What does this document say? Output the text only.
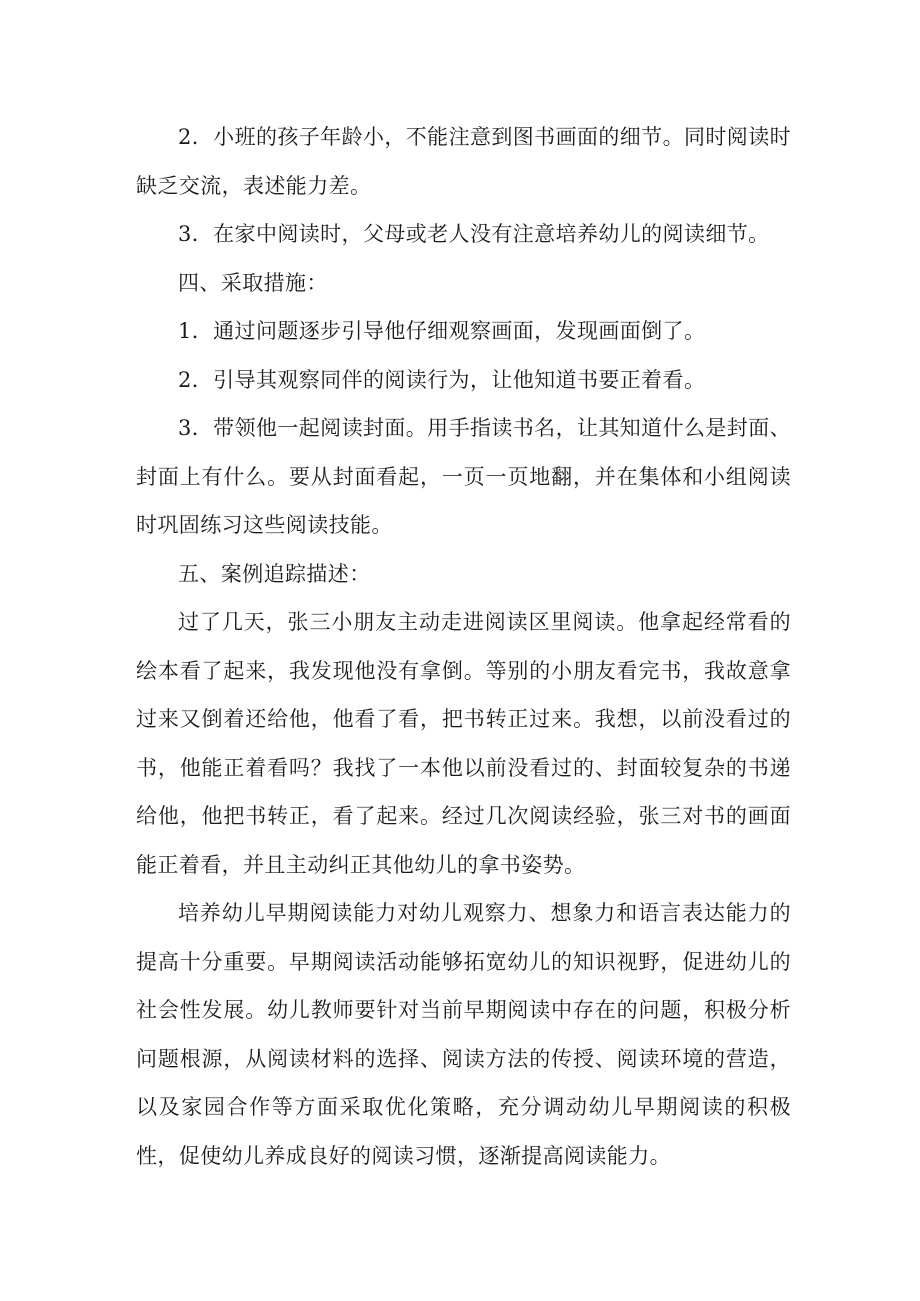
2．小班的孩子年龄小，不能注意到图书画面的细节。同时阅读时缺乏交流，表述能力差。

3．在家中阅读时，父母或老人没有注意培养幼儿的阅读细节。

四、采取措施：

1．通过问题逐步引导他仔细观察画面，发现画面倒了。

2．引导其观察同伴的阅读行为，让他知道书要正着看。

3．带领他一起阅读封面。用手指读书名，让其知道什么是封面、封面上有什么。要从封面看起，一页一页地翻，并在集体和小组阅读时巩固练习这些阅读技能。

五、案例追踪描述：

过了几天，张三小朋友主动走进阅读区里阅读。他拿起经常看的绘本看了起来，我发现他没有拿倒。等别的小朋友看完书，我故意拿过来又倒着还给他，他看了看，把书转正过来。我想，以前没看过的书，他能正着看吗？我找了一本他以前没看过的、封面较复杂的书递给他，他把书转正，看了起来。经过几次阅读经验，张三对书的画面能正着看，并且主动纠正其他幼儿的拿书姿势。

培养幼儿早期阅读能力对幼儿观察力、想象力和语言表达能力的提高十分重要。早期阅读活动能够拓宽幼儿的知识视野，促进幼儿的社会性发展。幼儿教师要针对当前早期阅读中存在的问题，积极分析问题根源，从阅读材料的选择、阅读方法的传授、阅读环境的营造，以及家园合作等方面采取优化策略，充分调动幼儿早期阅读的积极性，促使幼儿养成良好的阅读习惯，逐渐提高阅读能力。
